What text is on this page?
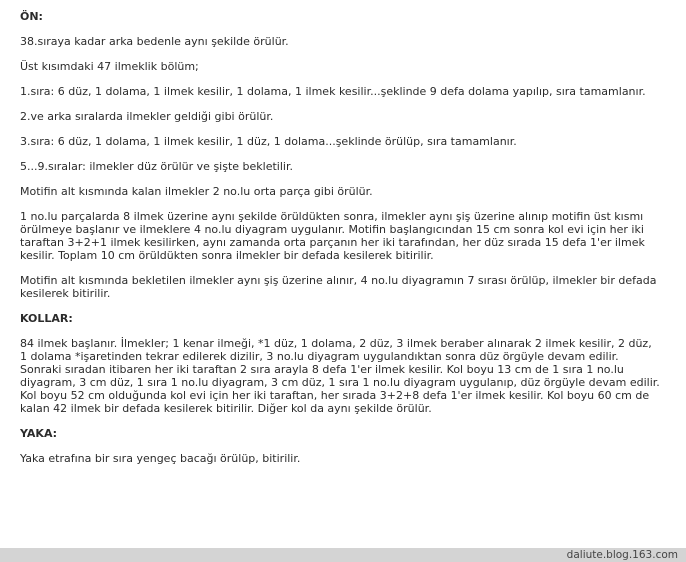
ÖN:
38.sıraya kadar arka bedenle aynı şekilde örülür.
Üst kısımdaki 47 ilmeklik bölüm;
1.sıra: 6 düz, 1 dolama, 1 ilmek kesilir, 1 dolama, 1 ilmek kesilir...şeklinde 9 defa dolama yapılıp, sıra tamamlanır.
2.ve arka sıralarda ilmekler geldiği gibi örülür.
3.sıra: 6 düz, 1 dolama, 1 ilmek kesilir, 1 düz, 1 dolama...şeklinde örülüp, sıra tamamlanır.
5...9.sıralar: ilmekler düz örülür ve şişte bekletilir.
Motifin alt kısmında kalan ilmekler 2 no.lu orta parça gibi örülür.
1 no.lu parçalarda 8 ilmek üzerine aynı şekilde örüldükten sonra, ilmekler aynı şiş üzerine alınıp motifin üst kısmı örülmeye başlanır ve ilmeklere 4 no.lu diyagram uygulanır. Motifin başlangıcından 15 cm sonra kol evi için her iki taraftan 3+2+1 ilmek kesilirken, aynı zamanda orta parçanın her iki tarafından, her düz sırada 15 defa 1'er ilmek kesilir. Toplam 10 cm örüldükten sonra ilmekler bir defada kesilerek bitirilir.
Motifin alt kısmında bekletilen ilmekler aynı şiş üzerine alınır, 4 no.lu diyagramın 7 sırası örülüp, ilmekler bir defada kesilerek bitirilir.
KOLLAR:
84 ilmek başlanır. İlmekler; 1 kenar ilmeği, *1 düz, 1 dolama, 2 düz, 3 ilmek beraber alınarak 2 ilmek kesilir, 2 düz, 1 dolama *işaretinden tekrar edilerek dizilir, 3 no.lu diyagram uygulandıktan sonra düz örgüyle devam edilir. Sonraki sıradan itibaren her iki taraftan 2 sıra arayla 8 defa 1'er ilmek kesilir. Kol boyu 13 cm de 1 sıra 1 no.lu diyagram, 3 cm düz, 1 sıra 1 no.lu diyagram, 3 cm düz, 1 sıra 1 no.lu diyagram uygulanıp, düz örgüyle devam edilir. Kol boyu 52 cm olduğunda kol evi için her iki taraftan, her sırada 3+2+8 defa 1'er ilmek kesilir. Kol boyu 60 cm de kalan 42 ilmek bir defada kesilerek bitirilir. Diğer kol da aynı şekilde örülür.
YAKA:
Yaka etrafına bir sıra yengeç bacağı örülüp, bitirilir.
daliute.blog.163.com
